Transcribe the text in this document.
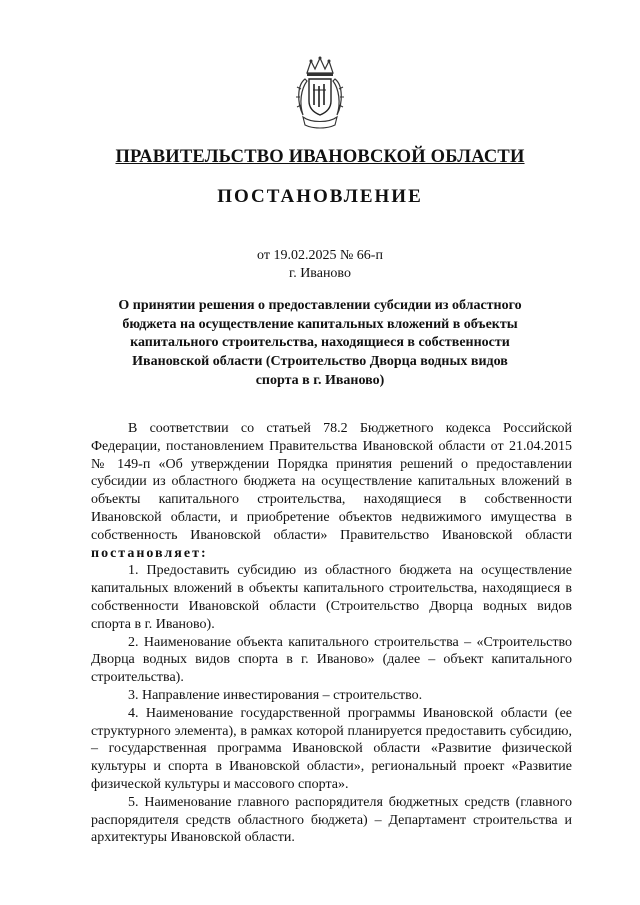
ПРАВИТЕЛЬСТВО ИВАНОВСКОЙ ОБЛАСТИ
ПОСТАНОВЛЕНИЕ
от 19.02.2025 № 66-п
г. Иваново
О принятии решения о предоставлении субсидии из областного бюджета на осуществление капитальных вложений в объекты капитального строительства, находящиеся в собственности Ивановской области (Строительство Дворца водных видов спорта в г. Иваново)

В соответствии со статьей 78.2 Бюджетного кодекса Российской Федерации, постановлением Правительства Ивановской области от 21.04.2015 № 149-п «Об утверждении Порядка принятия решений о предоставлении субсидии из областного бюджета на осуществление капитальных вложений в объекты капитального строительства, находящиеся в собственности Ивановской области, и приобретение объектов недвижимого имущества в собственность Ивановской области» Правительство Ивановской области постановляет:

1. Предоставить субсидию из областного бюджета на осуществление капитальных вложений в объекты капитального строительства, находящиеся в собственности Ивановской области (Строительство Дворца водных видов спорта в г. Иваново).

2. Наименование объекта капитального строительства – «Строительство Дворца водных видов спорта в г. Иваново» (далее – объект капитального строительства).

3. Направление инвестирования – строительство.

4. Наименование государственной программы Ивановской области (ее структурного элемента), в рамках которой планируется предоставить субсидию, – государственная программа Ивановской области «Развитие физической культуры и спорта в Ивановской области», региональный проект «Развитие физической культуры и массового спорта».

5. Наименование главного распорядителя бюджетных средств (главного распорядителя средств областного бюджета) – Департамент строительства и архитектуры Ивановской области.
